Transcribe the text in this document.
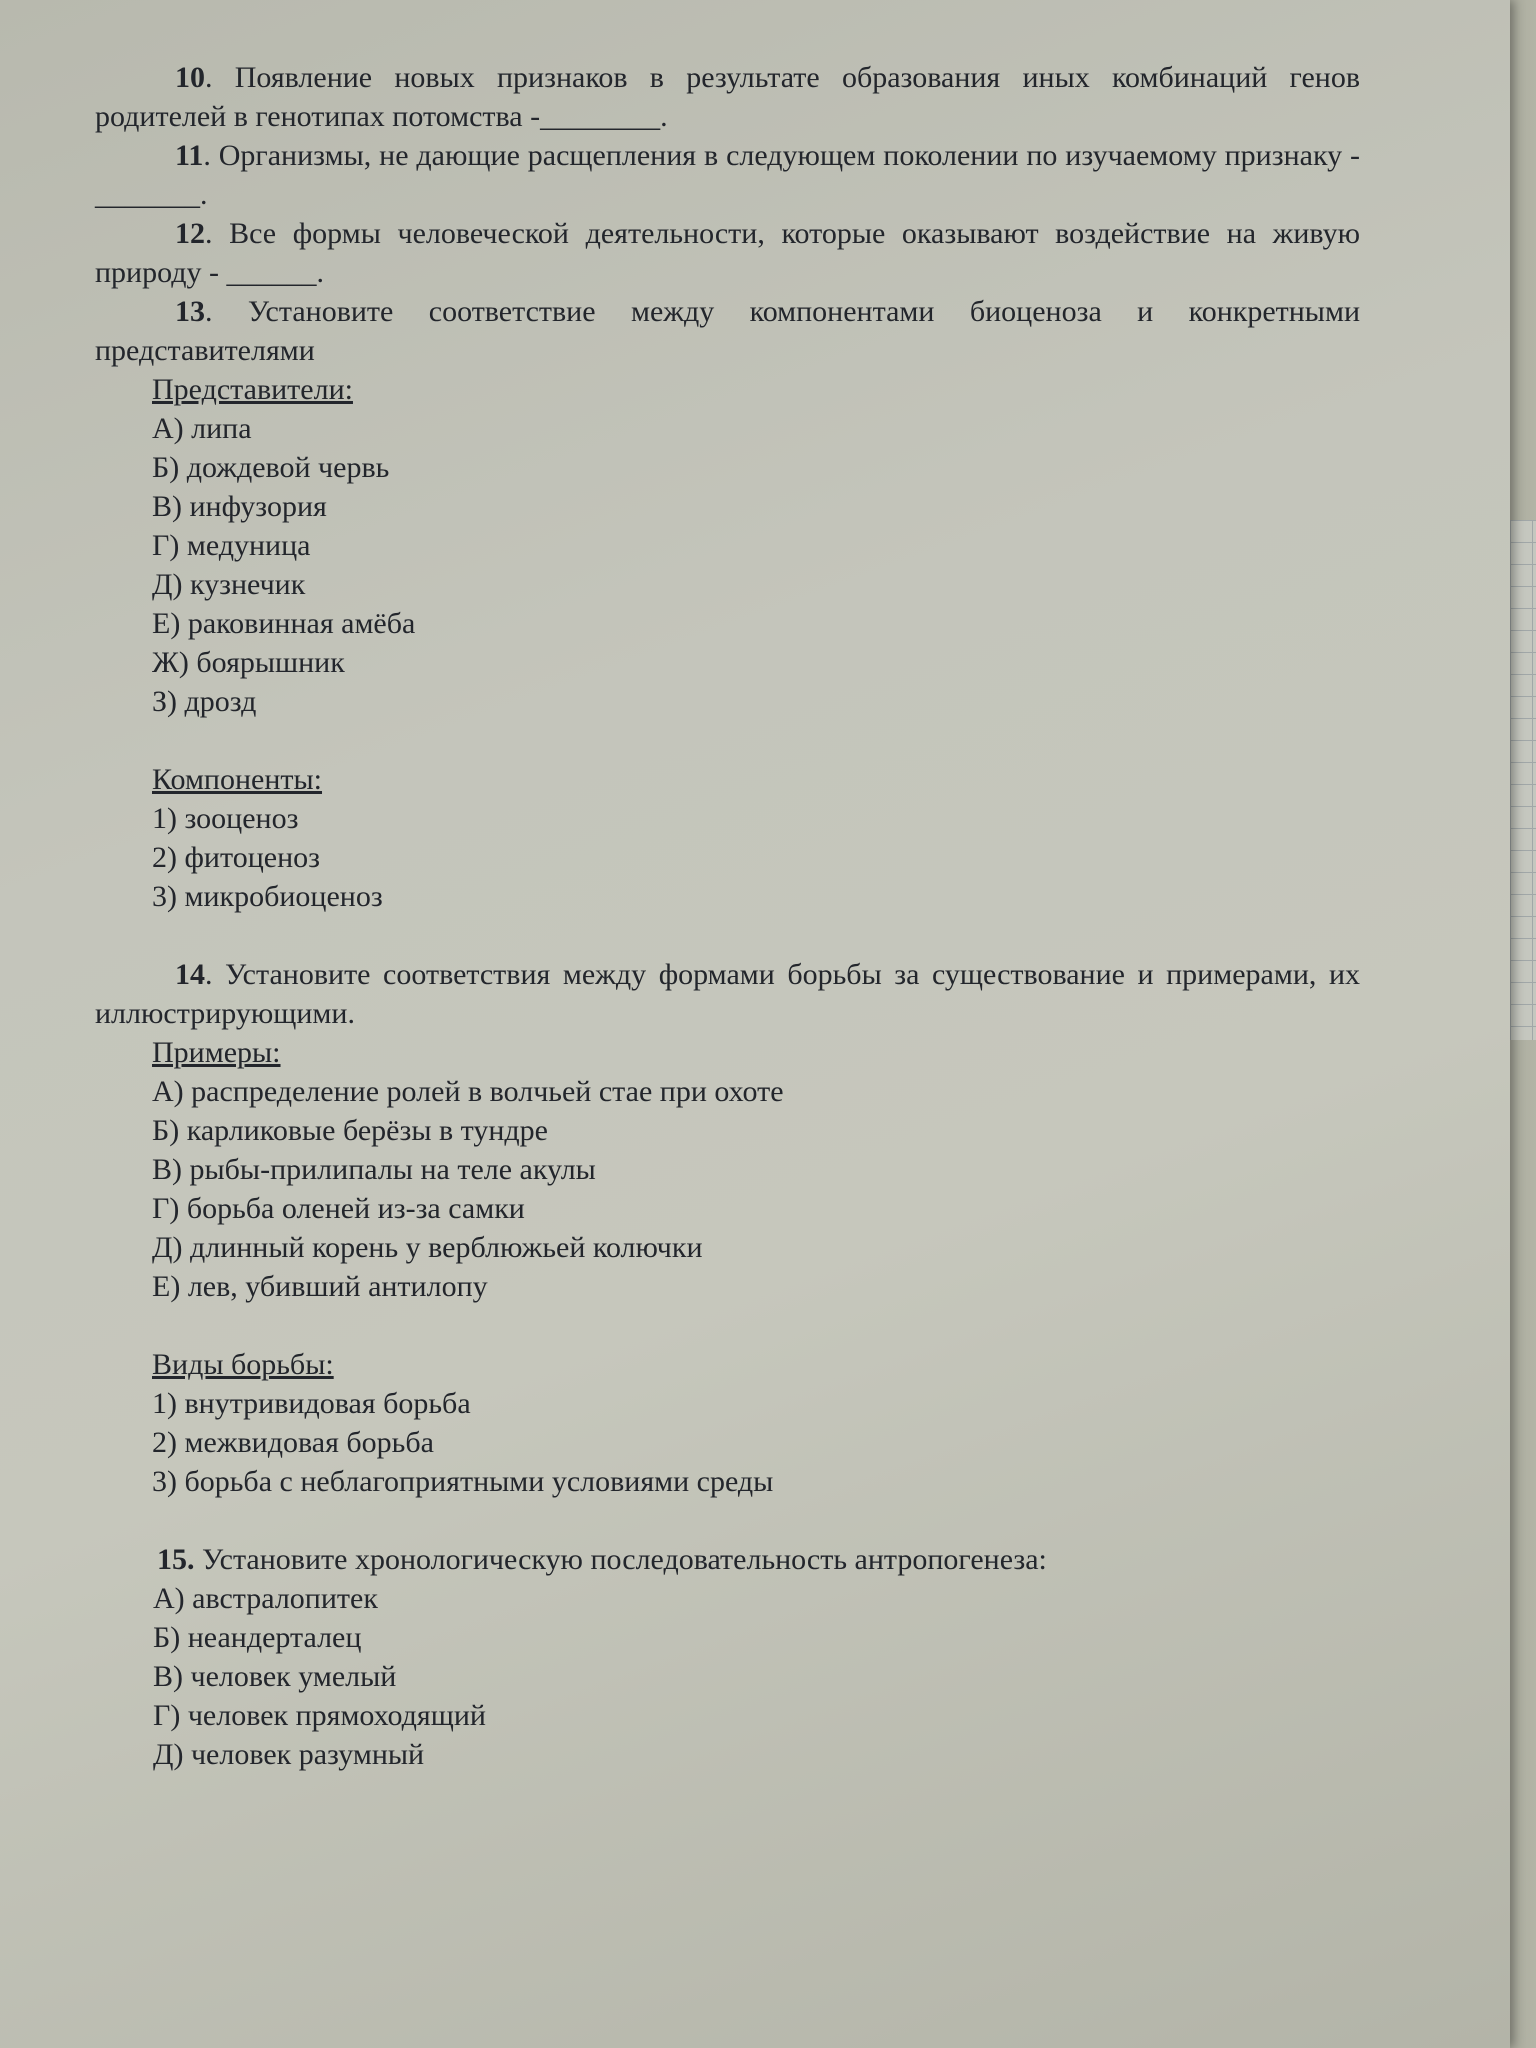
10. Появление новых признаков в результате образования иных комбинаций генов родителей в генотипах потомства -________.

11. Организмы, не дающие расщепления в следующем поколении по изучаемому признаку - _______.

12. Все формы человеческой деятельности, которые оказывают воздействие на живую природу - ______.

13. Установите соответствие между компонентами биоценоза и конкретными представителями

Представители:

А) липа

Б) дождевой червь

В) инфузория

Г) медуница

Д) кузнечик

Е) раковинная амёба

Ж) боярышник

З) дрозд

Компоненты:

1) зооценоз

2) фитоценоз

3) микробиоценоз

14. Установите соответствия между формами борьбы за существование и примерами, их иллюстрирующими.

Примеры:

А) распределение ролей в волчьей стае при охоте

Б) карликовые берёзы в тундре

В) рыбы-прилипалы на теле акулы

Г) борьба оленей из-за самки

Д) длинный корень у верблюжьей колючки

Е) лев, убивший антилопу

Виды борьбы:

1) внутривидовая борьба

2) межвидовая борьба

3) борьба с неблагоприятными условиями среды

15. Установите хронологическую последовательность антропогенеза:

А) австралопитек

Б) неандерталец

В) человек умелый

Г) человек прямоходящий

Д) человек разумный
